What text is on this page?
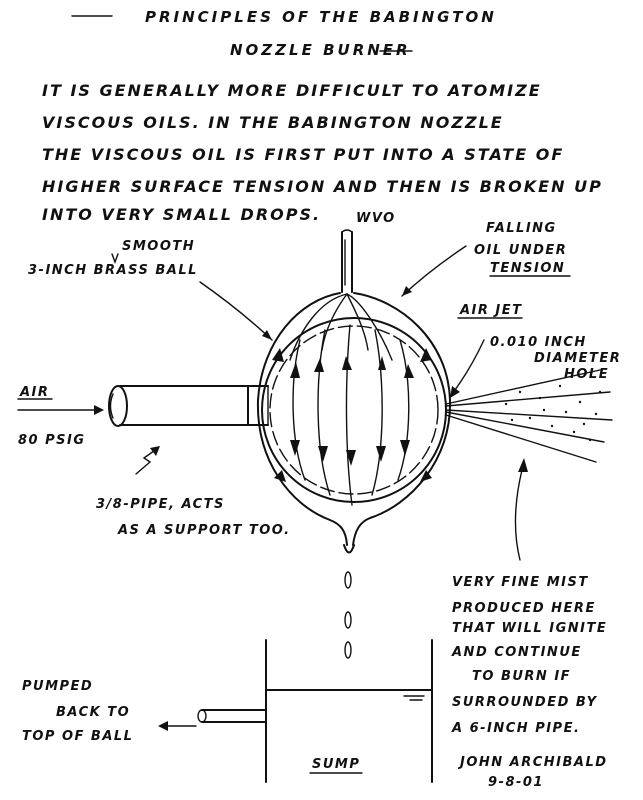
PRINCIPLES OF THE BABINGTON
NOZZLE BURNER
IT IS GENERALLY MORE DIFFICULT TO ATOMIZE
VISCOUS OILS. IN THE BABINGTON NOZZLE
THE VISCOUS OIL IS FIRST PUT INTO A STATE OF
HIGHER SURFACE TENSION AND THEN IS BROKEN UP
INTO VERY SMALL DROPS.	WVO
SMOOTH
3-INCH BRASS BALL
FALLING
OIL UNDER
TENSION
AIR
80 PSIG
3/8-PIPE, ACTS
AS A SUPPORT TOO.
AIR JET
0.010 INCH
DIAMETER
HOLE
VERY FINE MIST
PRODUCED HERE
THAT WILL IGNITE
AND CONTINUE
TO BURN IF
SURROUNDED BY
A 6-INCH PIPE.
PUMPED
BACK TO
TOP OF BALL
SUMP	JOHN ARCHIBALD
9-8-01
